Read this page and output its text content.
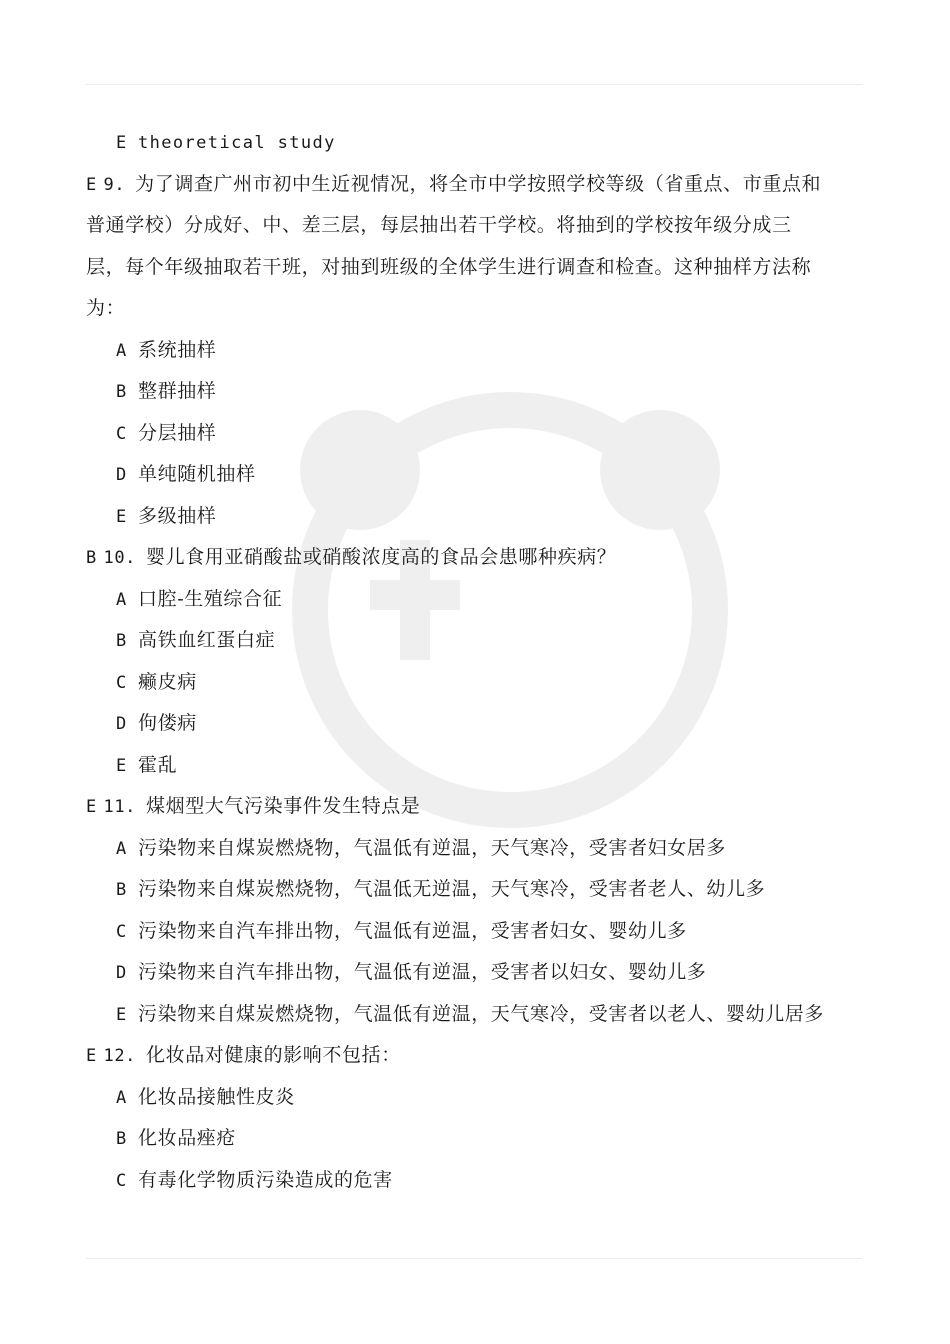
E theoretical study
E 9. 为了调查广州市初中生近视情况，将全市中学按照学校等级（省重点、市重点和
普通学校）分成好、中、差三层，每层抽出若干学校。将抽到的学校按年级分成三
层，每个年级抽取若干班，对抽到班级的全体学生进行调查和检查。这种抽样方法称
为：
A 系统抽样
B 整群抽样
C 分层抽样
D 单纯随机抽样
E 多级抽样
B 10. 婴儿食用亚硝酸盐或硝酸浓度高的食品会患哪种疾病？
A 口腔-生殖综合征
B 高铁血红蛋白症
C 癞皮病
D 佝偻病
E 霍乱
E 11. 煤烟型大气污染事件发生特点是
A 污染物来自煤炭燃烧物，气温低有逆温，天气寒冷，受害者妇女居多
B 污染物来自煤炭燃烧物，气温低无逆温，天气寒冷，受害者老人、幼儿多
C 污染物来自汽车排出物，气温低有逆温，受害者妇女、婴幼儿多
D 污染物来自汽车排出物，气温低有逆温，受害者以妇女、婴幼儿多
E 污染物来自煤炭燃烧物，气温低有逆温，天气寒冷，受害者以老人、婴幼儿居多
E 12. 化妆品对健康的影响不包括：
A 化妆品接触性皮炎
B 化妆品痤疮
C 有毒化学物质污染造成的危害
